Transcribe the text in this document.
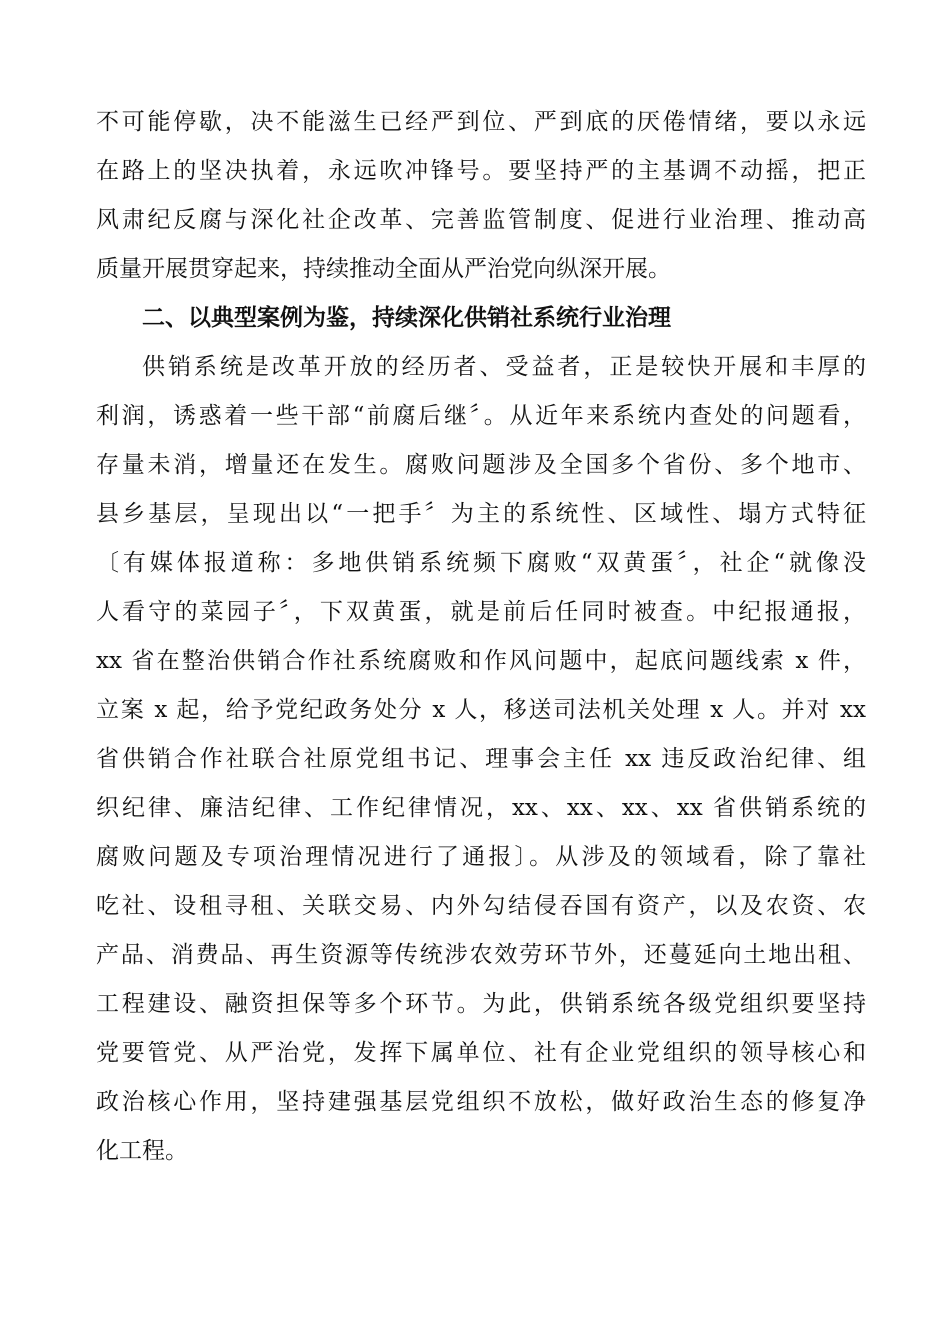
不可能停歇，决不能滋生已经严到位、严到底的厌倦情绪，要以永远
在路上的坚决执着，永远吹冲锋号。要坚持严的主基调不动摇，把正
风肃纪反腐与深化社企改革、完善监管制度、促进行业治理、推动高
质量开展贯穿起来，持续推动全面从严治党向纵深开展。
二、以典型案例为鉴，持续深化供销社系统行业治理
供销系统是改革开放的经历者、受益者，正是较快开展和丰厚的
利润，诱惑着一些干部“前腐后继〞。从近年来系统内查处的问题看，
存量未消，增量还在发生。腐败问题涉及全国多个省份、多个地市、
县乡基层，呈现出以“一把手〞为主的系统性、区域性、塌方式特征
〔有媒体报道称：多地供销系统频下腐败“双黄蛋〞，社企“就像没
人看守的菜园子〞，下双黄蛋，就是前后任同时被查。中纪报通报，
xx 省在整治供销合作社系统腐败和作风问题中，起底问题线索 x 件，
立案 x 起，给予党纪政务处分 x 人，移送司法机关处理 x 人。并对 xx
省供销合作社联合社原党组书记、理事会主任 xx 违反政治纪律、组
织纪律、廉洁纪律、工作纪律情况，xx、xx、xx、xx 省供销系统的
腐败问题及专项治理情况进行了通报〕。从涉及的领域看，除了靠社
吃社、设租寻租、关联交易、内外勾结侵吞国有资产，以及农资、农
产品、消费品、再生资源等传统涉农效劳环节外，还蔓延向土地出租、
工程建设、融资担保等多个环节。为此，供销系统各级党组织要坚持
党要管党、从严治党，发挥下属单位、社有企业党组织的领导核心和
政治核心作用，坚持建强基层党组织不放松，做好政治生态的修复净
化工程。
